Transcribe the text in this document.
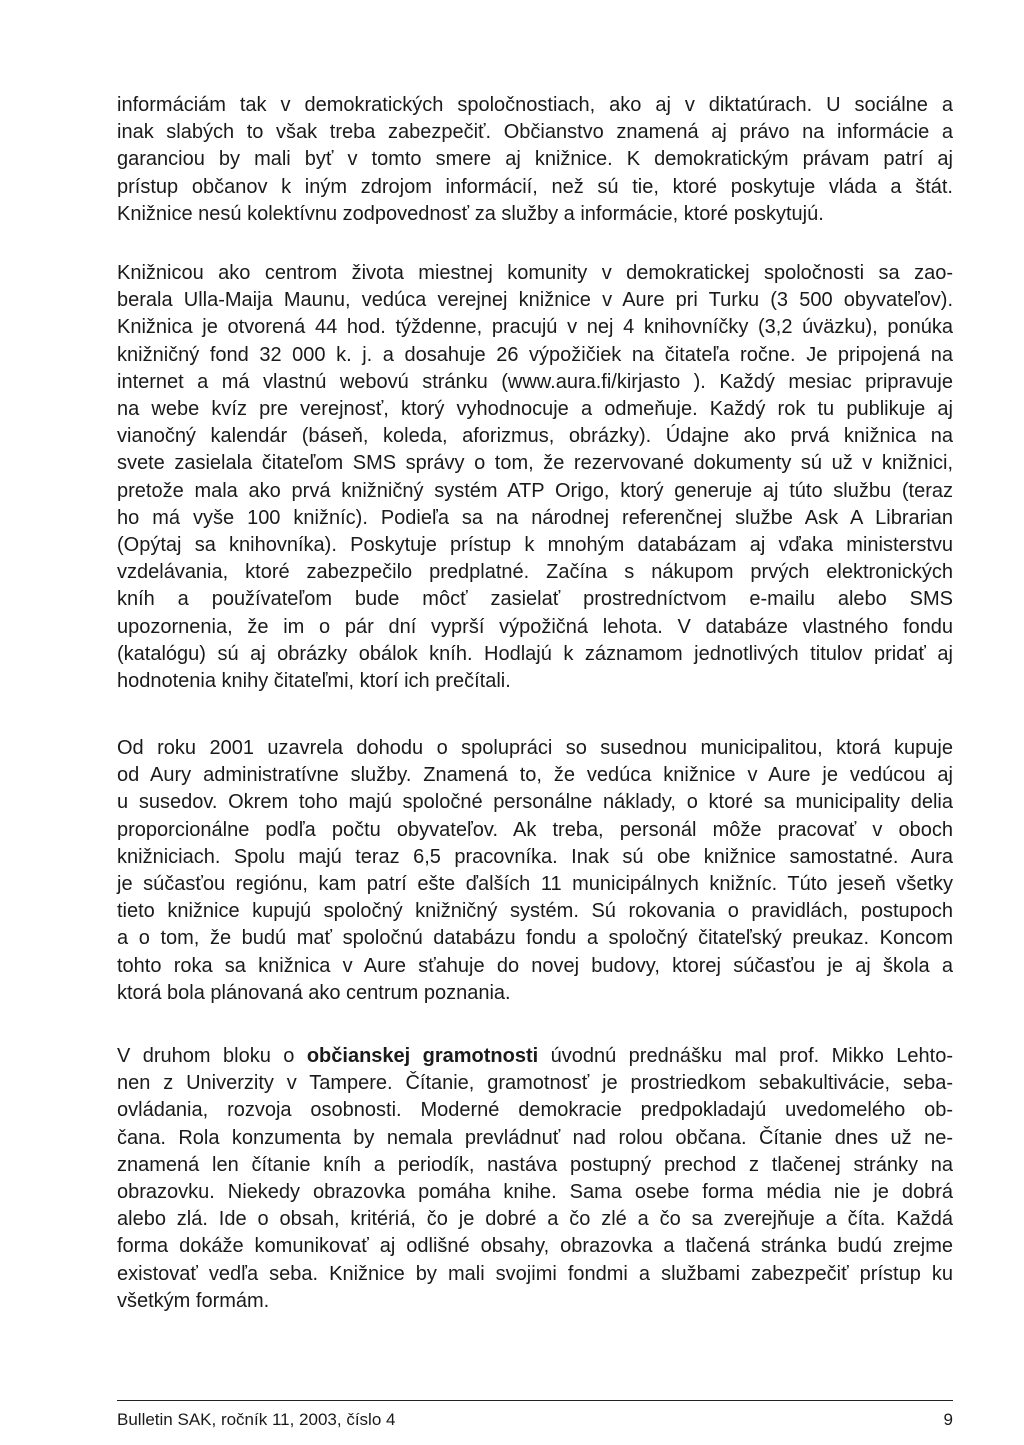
informáciám tak v demokratických spoločnostiach, ako aj v diktatúrach. U sociálne a
inak slabých to však treba zabezpečiť. Občianstvo znamená aj právo na informácie a
garanciou by mali byť v tomto smere aj knižnice. K demokratickým právam patrí aj
prístup občanov k iným zdrojom informácií, než sú tie, ktoré poskytuje vláda a štát.
Knižnice nesú kolektívnu zodpovednosť za služby a informácie, ktoré poskytujú.
Knižnicou ako centrom života miestnej komunity v demokratickej spoločnosti sa zao-
berala Ulla-Maija Maunu, vedúca verejnej knižnice v Aure pri Turku (3 500 obyvateľov).
Knižnica je otvorená 44 hod. týždenne, pracujú v nej 4 knihovníčky (3,2 úväzku), ponúka
knižničný fond 32 000 k. j. a dosahuje 26 výpožičiek na čitateľa ročne. Je pripojená na
internet a má vlastnú webovú stránku (www.aura.fi/kirjasto ). Každý mesiac pripravuje
na webe kvíz pre verejnosť, ktorý vyhodnocuje a odmeňuje. Každý rok tu publikuje aj
vianočný kalendár (báseň, koleda, aforizmus, obrázky). Údajne ako prvá knižnica na
svete zasielala čitateľom SMS správy o tom, že rezervované dokumenty sú už v knižnici,
pretože mala ako prvá knižničný systém ATP Origo, ktorý generuje aj túto službu (teraz
ho má vyše 100 knižníc). Podieľa sa na národnej referenčnej službe Ask A Librarian
(Opýtaj sa knihovníka). Poskytuje prístup k mnohým databázam aj vďaka ministerstvu
vzdelávania, ktoré zabezpečilo predplatné. Začína s nákupom prvých elektronických
kníh a používateľom bude môcť zasielať prostredníctvom e-mailu alebo SMS
upozornenia, že im o pár dní vyprší výpožičná lehota. V databáze vlastného fondu
(katalógu) sú aj obrázky obálok kníh. Hodlajú k záznamom jednotlivých titulov pridať aj
hodnotenia knihy čitateľmi, ktorí ich prečítali.
Od roku 2001 uzavrela dohodu o spolupráci so susednou municipalitou, ktorá kupuje
od Aury administratívne služby. Znamená to, že vedúca knižnice v Aure je vedúcou aj
u susedov. Okrem toho majú spoločné personálne náklady, o ktoré sa municipality delia
proporcionálne podľa počtu obyvateľov. Ak treba, personál môže pracovať v oboch
knižniciach. Spolu majú teraz 6,5 pracovníka. Inak sú obe knižnice samostatné. Aura
je súčasťou regiónu, kam patrí ešte ďalších 11 municipálnych knižníc. Túto jeseň všetky
tieto knižnice kupujú spoločný knižničný systém. Sú rokovania o pravidlách, postupoch
a o tom, že budú mať spoločnú databázu fondu a spoločný čitateľský preukaz. Koncom
tohto roka sa knižnica v Aure sťahuje do novej budovy, ktorej súčasťou je aj škola a
ktorá bola plánovaná ako centrum poznania.
V druhom bloku o občianskej gramotnosti úvodnú prednášku mal prof. Mikko Lehto-
nen z Univerzity v Tampere. Čítanie, gramotnosť je prostriedkom sebakultivácie, seba-
ovládania, rozvoja osobnosti. Moderné demokracie predpokladajú uvedomelého ob-
čana. Rola konzumenta by nemala prevládnuť nad rolou občana. Čítanie dnes už ne-
znamená len čítanie kníh a periodík, nastáva postupný prechod z tlačenej stránky na
obrazovku. Niekedy obrazovka pomáha knihe. Sama osebe forma média nie je dobrá
alebo zlá. Ide o obsah, kritériá, čo je dobré a čo zlé a čo sa zverejňuje a číta. Každá
forma dokáže komunikovať aj odlišné obsahy, obrazovka a tlačená stránka budú zrejme
existovať vedľa seba. Knižnice by mali svojimi fondmi a službami zabezpečiť prístup ku
všetkým formám.
Bulletin SAK, ročník 11, 2003, číslo 4	9
